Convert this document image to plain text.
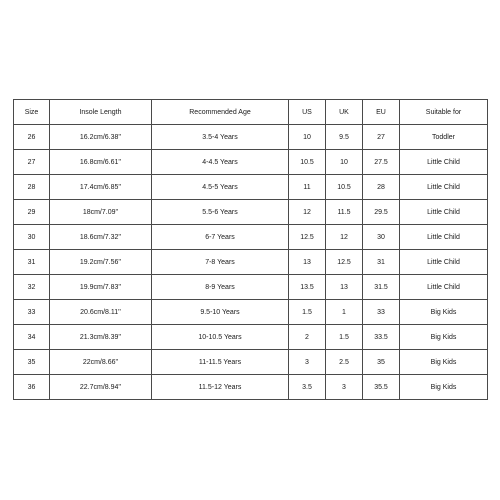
Size	Insole Length	Recommended Age	US	UK	EU	Suitable for
26	16.2cm/6.38''	3.5-4 Years	10	9.5	27	Toddler
27	16.8cm/6.61''	4-4.5 Years	10.5	10	27.5	Little Child
28	17.4cm/6.85''	4.5-5 Years	11	10.5	28	Little Child
29	18cm/7.09''	5.5-6 Years	12	11.5	29.5	Little Child
30	18.6cm/7.32''	6-7 Years	12.5	12	30	Little Child
31	19.2cm/7.56''	7-8 Years	13	12.5	31	Little Child
32	19.9cm/7.83''	8-9 Years	13.5	13	31.5	Little Child
33	20.6cm/8.11''	9.5-10 Years	1.5	1	33	Big Kids
34	21.3cm/8.39''	10-10.5 Years	2	1.5	33.5	Big Kids
35	22cm/8.66''	11-11.5 Years	3	2.5	35	Big Kids
36	22.7cm/8.94''	11.5-12 Years	3.5	3	35.5	Big Kids
